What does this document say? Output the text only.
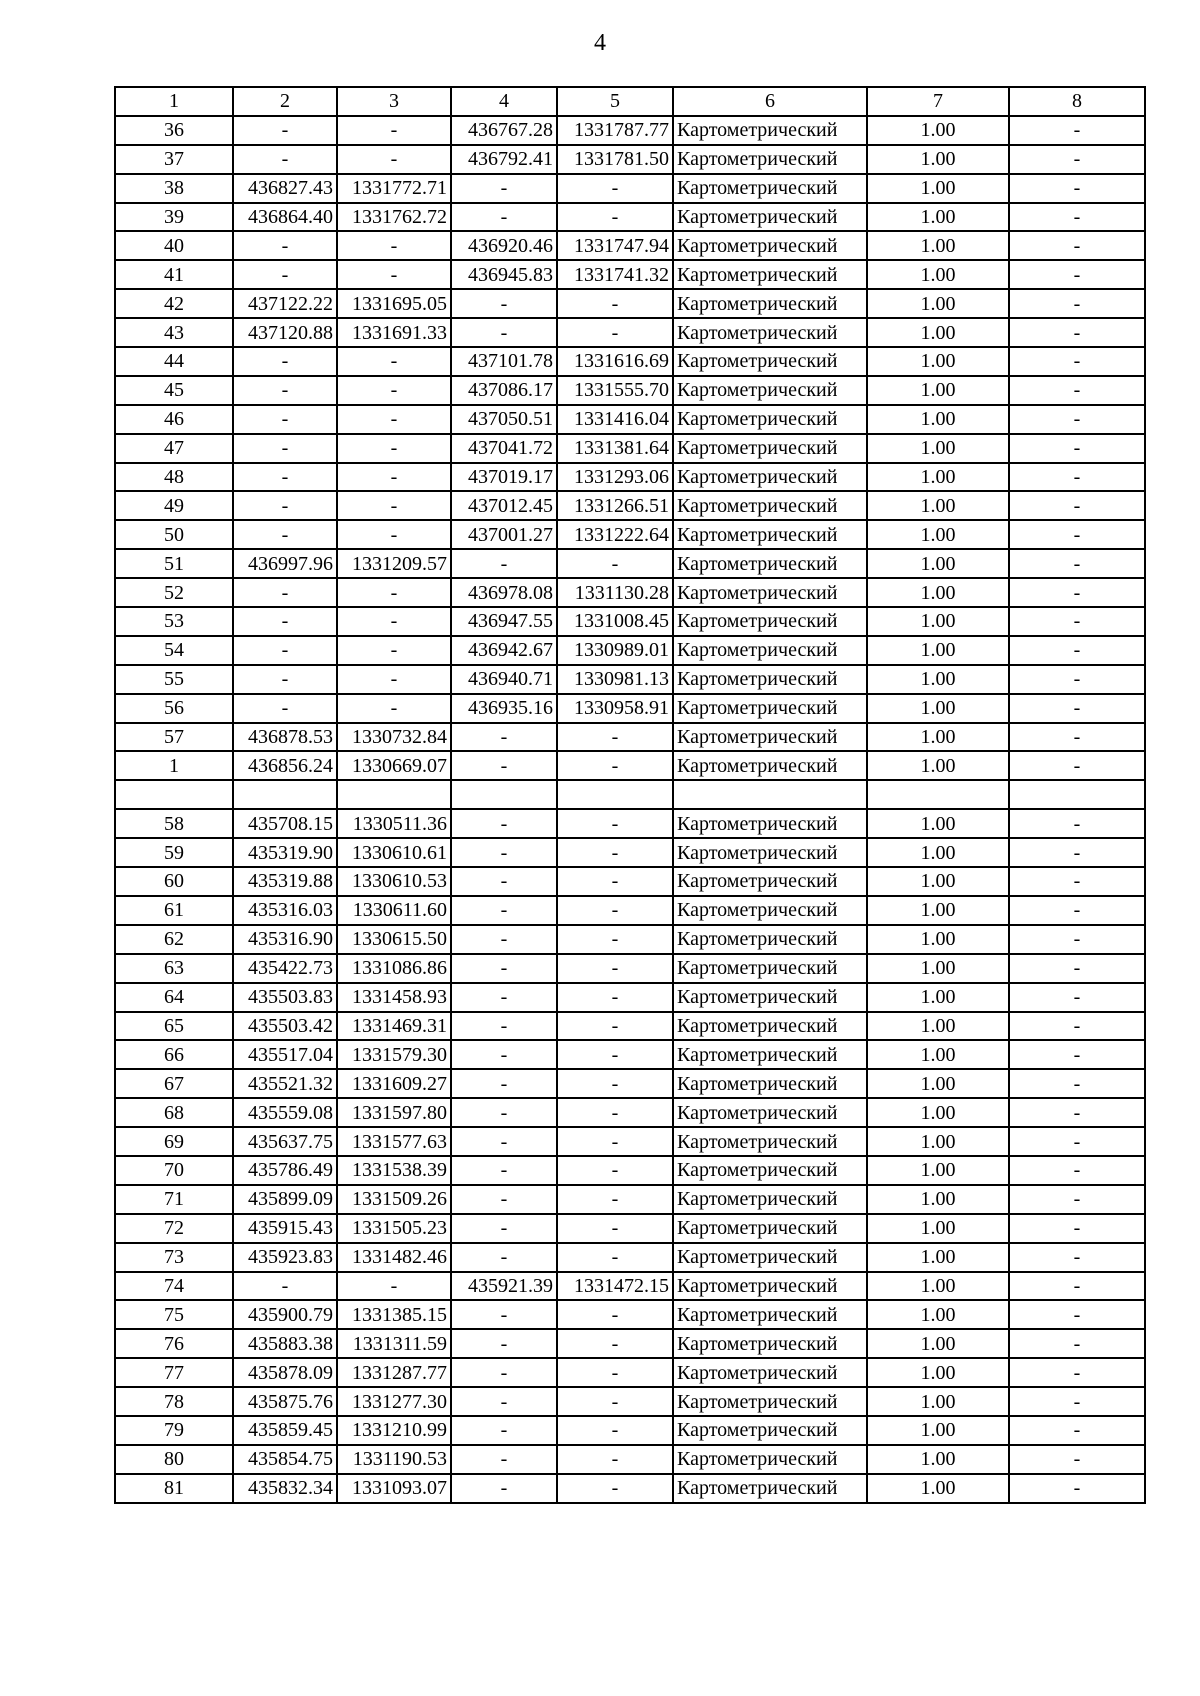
4
1	2	3	4	5	6	7	8
36	-	-	436767.28	1331787.77	Картометрический	1.00	-
37	-	-	436792.41	1331781.50	Картометрический	1.00	-
38	436827.43	1331772.71	-	-	Картометрический	1.00	-
39	436864.40	1331762.72	-	-	Картометрический	1.00	-
40	-	-	436920.46	1331747.94	Картометрический	1.00	-
41	-	-	436945.83	1331741.32	Картометрический	1.00	-
42	437122.22	1331695.05	-	-	Картометрический	1.00	-
43	437120.88	1331691.33	-	-	Картометрический	1.00	-
44	-	-	437101.78	1331616.69	Картометрический	1.00	-
45	-	-	437086.17	1331555.70	Картометрический	1.00	-
46	-	-	437050.51	1331416.04	Картометрический	1.00	-
47	-	-	437041.72	1331381.64	Картометрический	1.00	-
48	-	-	437019.17	1331293.06	Картометрический	1.00	-
49	-	-	437012.45	1331266.51	Картометрический	1.00	-
50	-	-	437001.27	1331222.64	Картометрический	1.00	-
51	436997.96	1331209.57	-	-	Картометрический	1.00	-
52	-	-	436978.08	1331130.28	Картометрический	1.00	-
53	-	-	436947.55	1331008.45	Картометрический	1.00	-
54	-	-	436942.67	1330989.01	Картометрический	1.00	-
55	-	-	436940.71	1330981.13	Картометрический	1.00	-
56	-	-	436935.16	1330958.91	Картометрический	1.00	-
57	436878.53	1330732.84	-	-	Картометрический	1.00	-
1	436856.24	1330669.07	-	-	Картометрический	1.00	-

58	435708.15	1330511.36	-	-	Картометрический	1.00	-
59	435319.90	1330610.61	-	-	Картометрический	1.00	-
60	435319.88	1330610.53	-	-	Картометрический	1.00	-
61	435316.03	1330611.60	-	-	Картометрический	1.00	-
62	435316.90	1330615.50	-	-	Картометрический	1.00	-
63	435422.73	1331086.86	-	-	Картометрический	1.00	-
64	435503.83	1331458.93	-	-	Картометрический	1.00	-
65	435503.42	1331469.31	-	-	Картометрический	1.00	-
66	435517.04	1331579.30	-	-	Картометрический	1.00	-
67	435521.32	1331609.27	-	-	Картометрический	1.00	-
68	435559.08	1331597.80	-	-	Картометрический	1.00	-
69	435637.75	1331577.63	-	-	Картометрический	1.00	-
70	435786.49	1331538.39	-	-	Картометрический	1.00	-
71	435899.09	1331509.26	-	-	Картометрический	1.00	-
72	435915.43	1331505.23	-	-	Картометрический	1.00	-
73	435923.83	1331482.46	-	-	Картометрический	1.00	-
74	-	-	435921.39	1331472.15	Картометрический	1.00	-
75	435900.79	1331385.15	-	-	Картометрический	1.00	-
76	435883.38	1331311.59	-	-	Картометрический	1.00	-
77	435878.09	1331287.77	-	-	Картометрический	1.00	-
78	435875.76	1331277.30	-	-	Картометрический	1.00	-
79	435859.45	1331210.99	-	-	Картометрический	1.00	-
80	435854.75	1331190.53	-	-	Картометрический	1.00	-
81	435832.34	1331093.07	-	-	Картометрический	1.00	-
